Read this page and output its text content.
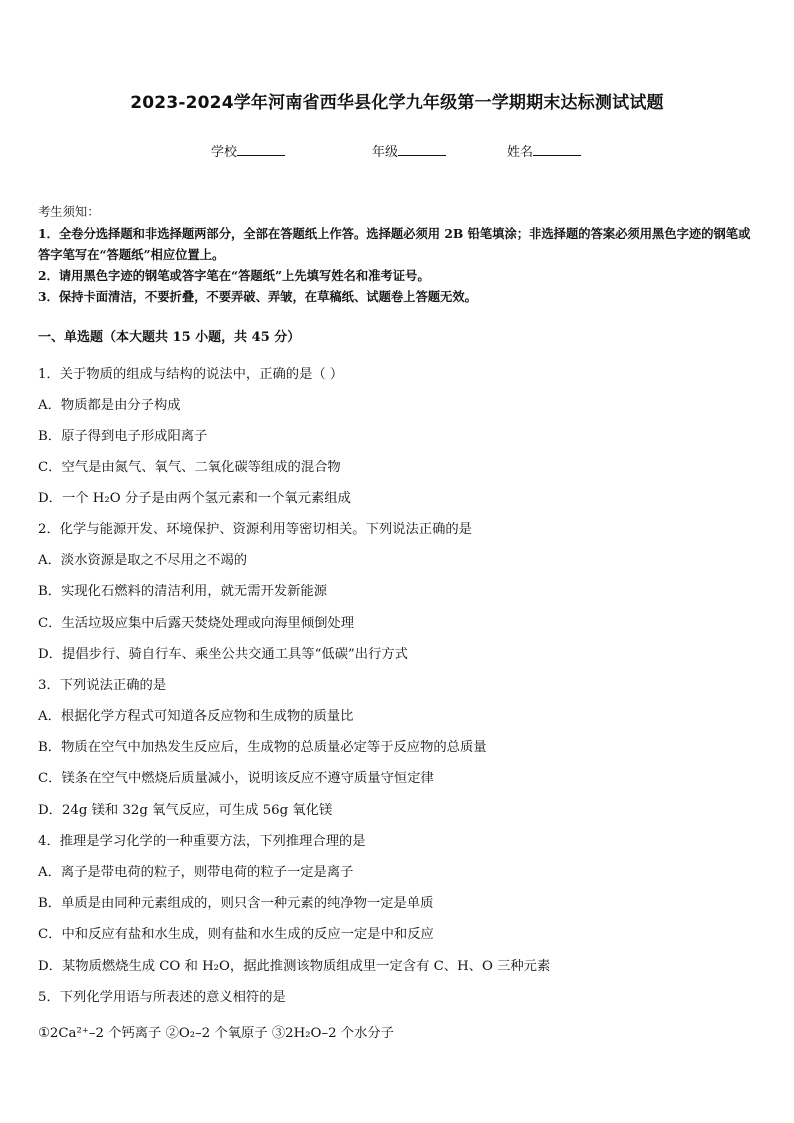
2023-2024学年河南省西华县化学九年级第一学期期末达标测试试题
学校	年级	姓名
考生须知：
1．全卷分选择题和非选择题两部分，全部在答题纸上作答。选择题必须用 2B 铅笔填涂；非选择题的答案必须用黑色字迹的钢笔或答字笔写在“答题纸”相应位置上。
2．请用黑色字迹的钢笔或答字笔在“答题纸”上先填写姓名和准考证号。
3．保持卡面清洁，不要折叠，不要弄破、弄皱，在草稿纸、试题卷上答题无效。
一、单选题（本大题共 15 小题，共 45 分）
1．关于物质的组成与结构的说法中，正确的是（ ）
A．物质都是由分子构成
B．原子得到电子形成阳离子
C．空气是由氮气、氧气、二氧化碳等组成的混合物
D．一个 H₂O 分子是由两个氢元素和一个氧元素组成
2．化学与能源开发、环境保护、资源利用等密切相关。下列说法正确的是
A．淡水资源是取之不尽用之不竭的
B．实现化石燃料的清洁利用，就无需开发新能源
C．生活垃圾应集中后露天焚烧处理或向海里倾倒处理
D．提倡步行、骑自行车、乘坐公共交通工具等“低碳”出行方式
3．下列说法正确的是
A．根据化学方程式可知道各反应物和生成物的质量比
B．物质在空气中加热发生反应后，生成物的总质量必定等于反应物的总质量
C．镁条在空气中燃烧后质量减小，说明该反应不遵守质量守恒定律
D．24g 镁和 32g 氧气反应，可生成 56g 氧化镁
4．推理是学习化学的一种重要方法，下列推理合理的是
A．离子是带电荷的粒子，则带电荷的粒子一定是离子
B．单质是由同种元素组成的，则只含一种元素的纯净物一定是单质
C．中和反应有盐和水生成，则有盐和水生成的反应一定是中和反应
D．某物质燃烧生成 CO 和 H₂O，据此推测该物质组成里一定含有 C、H、O 三种元素
5．下列化学用语与所表述的意义相符的是
①2Ca²⁺–2 个钙离子 ②O₂–2 个氧原子 ③2H₂O–2 个水分子
